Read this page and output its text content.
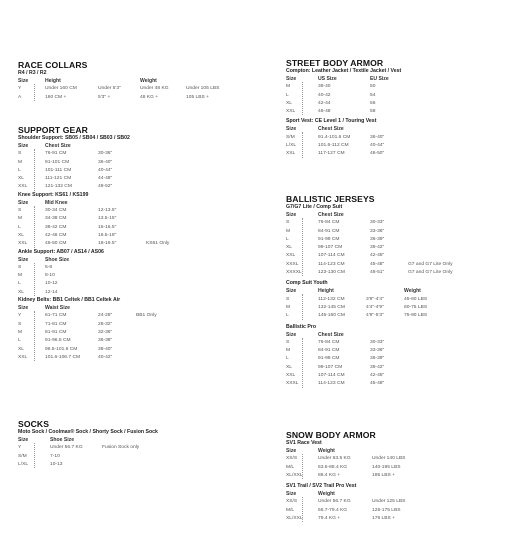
RACE COLLARS
R4 / R3 / R2
Size	Height	Weight
Y	Under 160 CM	Under 5'3"	Under 48 KG	Under 105 LBS
A	160 CM +	5'3" +	48 KG +	105 LBS +
SUPPORT GEAR
Shoulder Support: SB05 / SB04 / SB03 / SB02
Size	Chest Size
S	76-91 CM	30-36"
M	91-101 CM	36-40"
L	101-111 CM	40-44"
XL	111-121 CM	44-48"
XXL	121-132 CM	48-52"
Knee Support: KS61 / KS199
Size	Mid Knee
S	30-34 CM	12-13.5"
M	34-38 CM	13.5-15"
L	38-42 CM	15-16.5"
XL	42-46 CM	16.5-18"
XXL	46-50 CM	18-19.5"	KS61 Only
Ankle Support: AB07 / AS14 / AS06
Size	Shoe Size
S	5-8
M	8-10
L	10-12
XL	12-14
Kidney Belts: BB1 Celtek / BB1 Celtek Air
Size	Waist Size
Y	61-71 CM	24-28"	BB1 Only
S	71-81 CM	28-32"
M	81-91 CM	32-36"
L	91-96.5 CM	36-38"
XL	96.5-101.6 CM	38-40"
XXL	101.6-106.7 CM	40-42"
SOCKS
Moto Sock / Coolmax® Sock / Shorty Sock / Fusion Sock
Size	Shoe Size
Y	Under 56.7 KG	Fusion Sock only
S/M	7-10
L/XL	10-13
STREET BODY ARMOR
Compton: Leather Jacket / Textile Jacket / Vest
Size	US Size	EU Size
M	38-40	50
L	40-42	54
XL	42-44	56
XXL	46-48	58
Sport Vest: CE Level 1 / Touring Vest
Size	Chest Size
S/M	91.4-101.6 CM	36-40"
L/XL	101.6-112 CM	40-44"
XXL	117-127 CM	46-50"
BALLISTIC JERSEYS
G7/G7 Lite / Comp Suit
Size	Chest Size
S	76-84 CM	30-33"
M	84-91 CM	33-36"
L	91-99 CM	36-39"
XL	99-107 CM	39-42"
XXL	107-114 CM	42-45"
XXXL	114-123 CM	45-48"	G7 and G7 Lite Only
XXXXL	123-130 CM	48-51"	G7 and G7 Lite Only
Comp Suit Youth
Size	Height	Weight
S	112-132 CM	3'9"-4'4"	45-60 LBS
M	132-145 CM	4'4"-4'9"	60-75 LBS
L	145-160 CM	4'9"-5'3"	75-90 LBS
Ballistic Pro
Size	Chest Size
S	76-84 CM	30-33"
M	84-91 CM	33-36"
L	91-99 CM	36-39"
XL	99-107 CM	39-42"
XXL	107-114 CM	42-45"
XXXL	114-123 CM	45-48"
SNOW BODY ARMOR
SV1 Race Vest
Size	Weight
XS/S	Under 63.5 KG	Under 140 LBS
M/L	63.5-88.4 KG	140-195 LBS
XL/XXL	88.4 KG +	195 LBS +
SV1 Trail / SV2 Trail Pro Vest
Size	Weight
XS/S	Under 56.7 KG	Under 125 LBS
M/L	56.7-79.4 KG	125-175 LBS
XL/XXL	79.4 KG +	175 LBS +
